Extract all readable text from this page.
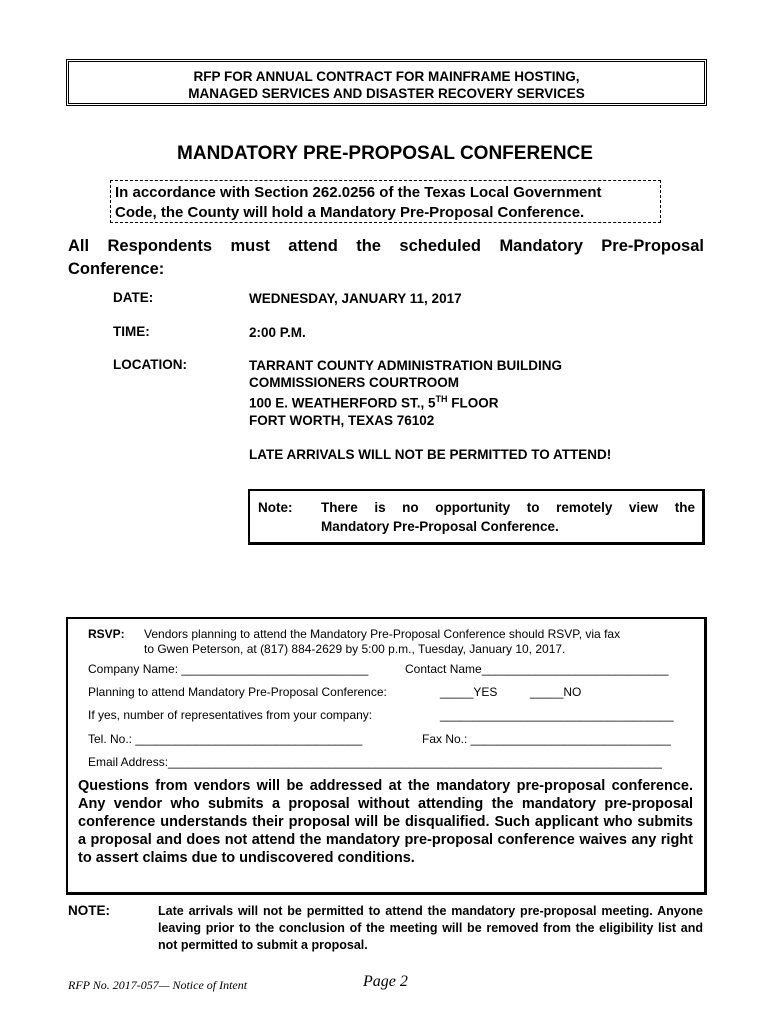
RFP FOR ANNUAL CONTRACT FOR MAINFRAME HOSTING,
MANAGED SERVICES AND DISASTER RECOVERY SERVICES
MANDATORY PRE-PROPOSAL CONFERENCE
In accordance with Section 262.0256 of the Texas Local Government
Code, the County will hold a Mandatory Pre-Proposal Conference.
All Respondents must attend the scheduled Mandatory Pre-Proposal Conference:
DATE:	WEDNESDAY, JANUARY 11, 2017
TIME:	2:00 P.M.
LOCATION:	TARRANT COUNTY ADMINISTRATION BUILDING
COMMISSIONERS COURTROOM
100 E. WEATHERFORD ST., 5TH FLOOR
FORT WORTH, TEXAS 76102
LATE ARRIVALS WILL NOT BE PERMITTED TO ATTEND!
Note: There is no opportunity to remotely view the
Mandatory Pre-Proposal Conference.
RSVP: Vendors planning to attend the Mandatory Pre-Proposal Conference should RSVP, via fax
to Gwen Peterson, at (817) 884-2629 by 5:00 p.m., Tuesday, January 10, 2017.
Company Name: ____________________________	Contact Name____________________________
Planning to attend Mandatory Pre-Proposal Conference:	_____YES	_____NO
If yes, number of representatives from your company:	___________________________________
Tel. No.: __________________________________	Fax No.: ______________________________
Email Address:__________________________________________________________________________
Questions from vendors will be addressed at the mandatory pre-proposal conference. Any vendor who submits a proposal without attending the mandatory pre-proposal conference understands their proposal will be disqualified. Such applicant who submits a proposal and does not attend the mandatory pre-proposal conference waives any right to assert claims due to undiscovered conditions.
NOTE:	Late arrivals will not be permitted to attend the mandatory pre-proposal meeting. Anyone leaving prior to the conclusion of the meeting will be removed from the eligibility list and not permitted to submit a proposal.
RFP No. 2017-057— Notice of Intent	Page 2
